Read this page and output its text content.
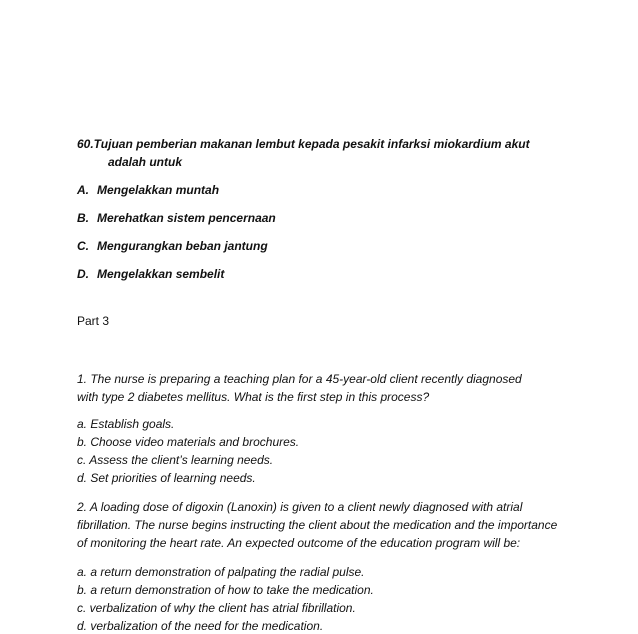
60.Tujuan pemberian makanan lembut kepada pesakit infarksi miokardium akut
adalah untuk
A. Mengelakkan muntah
B. Merehatkan sistem pencernaan
C. Mengurangkan beban jantung
D. Mengelakkan sembelit
Part 3
1. The nurse is preparing a teaching plan for a 45-year-old client recently diagnosed
with type 2 diabetes mellitus. What is the first step in this process?
a. Establish goals.
b. Choose video materials and brochures.
c. Assess the client’s learning needs.
d. Set priorities of learning needs.
2. A loading dose of digoxin (Lanoxin) is given to a client newly diagnosed with atrial
fibrillation. The nurse begins instructing the client about the medication and the importance
of monitoring the heart rate. An expected outcome of the education program will be:
a. a return demonstration of palpating the radial pulse.
b. a return demonstration of how to take the medication.
c. verbalization of why the client has atrial fibrillation.
d. verbalization of the need for the medication.
